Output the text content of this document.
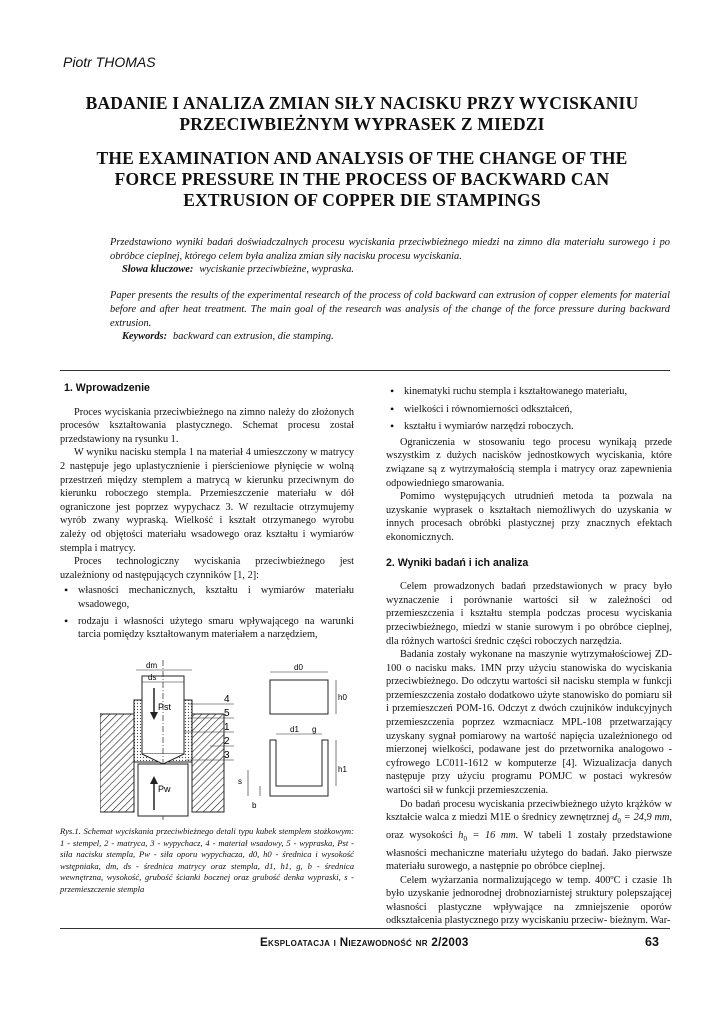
Piotr THOMAS
BADANIE I ANALIZA ZMIAN SIŁY NACISKU PRZY WYCISKANIU
PRZECIWBIEŻNYM WYPRASEK Z MIEDZI
THE EXAMINATION AND ANALYSIS OF THE CHANGE OF THE
FORCE PRESSURE IN THE PROCESS OF BACKWARD CAN
EXTRUSION OF COPPER DIE STAMPINGS
Przedstawiono wyniki badań doświadczalnych procesu wyciskania przeciwbieżnego miedzi na zimno dla materiału surowego i po obróbce cieplnej, którego celem była analiza zmian siły nacisku procesu wyciskania.
Słowa kluczowe: wyciskanie przeciwbieżne, wypraska.
Paper presents the results of the experimental research of the process of cold backward can extrusion of copper elements for material before and after heat treatment. The main goal of the research was analysis of the change of the force pressure during backward extrusion.
Keywords: backward can extrusion, die stamping.
1. Wprowadzenie

Proces wyciskania przeciwbieżnego na zimno należy do złożonych procesów kształtowania plastycznego. Schemat procesu został przedstawiony na rysunku 1.

W wyniku nacisku stempla 1 na materiał 4 umieszczony w matrycy 2 następuje jego uplastycznienie i pierścieniowe płynięcie w wolną przestrzeń między stemplem a matrycą w kierunku przeciwnym do kierunku roboczego stempla. Przemieszczenie materiału w dół ograniczone jest poprzez wypychacz 3. W rezultacie otrzymujemy wyrób zwany wypraską. Wielkość i kształt otrzymanego wyrobu zależy od objętości materiału wsadowego oraz kształtu i wymiarów stempla i matrycy.

Proces technologiczny wyciskania przeciwbieżnego jest uzależniony od następujących czynników [1, 2]:

• własności mechanicznych, kształtu i wymiarów materiału wsadowego,

• rodzaju i własności użytego smaru wpływającego na warunki tarcia pomiędzy kształtowanym materiałem a narzędziem,

Pst
Pw
dm
ds
4
5
1
2
3
d0
h0
d1 g
h1
b
s
Rys.1. Schemat wyciskania przeciwbieżnego detali typu kubek stemplem stożkowym: 1 - stempel, 2 - matryca, 3 - wypychacz, 4 - materiał wsadowy, 5 - wypraska, Pst - siła nacisku stempla, Pw - siła oporu wypychacza, d0, h0 - średnica i wysokość wstępniaka, dm, ds - średnica matrycy oraz stempla, d1, h1, g, b - średnica wewnętrzna, wysokość, grubość ścianki bocznej oraz grubość denka wypraski, s - przemieszczenie stempla

• kinematyki ruchu stempla i kształtowanego materiału,

• wielkości i równomierności odkształceń,

• kształtu i wymiarów narzędzi roboczych.

Ograniczenia w stosowaniu tego procesu wynikają przede wszystkim z dużych nacisków jednostkowych wyciskania, które związane są z wytrzymałością stempla i matrycy oraz zapewnienia odpowiedniego smarowania.

Pomimo występujących utrudnień metoda ta pozwala na uzyskanie wyprasek o kształtach niemożliwych do uzyskania w innych procesach obróbki plastycznej przy znacznych efektach ekonomicznych.

2. Wyniki badań i ich analiza

Celem prowadzonych badań przedstawionych w pracy było wyznaczenie i porównanie wartości sił w zależności od przemieszczenia i kształtu stempla podczas procesu wyciskania przeciwbieżnego, miedzi w stanie surowym i po obróbce cieplnej, dla różnych wartości średnic części roboczych narzędzia.

Badania zostały wykonane na maszynie wytrzymałościowej ZD-100 o nacisku maks. 1MN przy użyciu stanowiska do wyciskania przeciwbieżnego. Do odczytu wartości sił nacisku stempla w funkcji przemieszczenia zostało dodatkowo użyte stanowisko do pomiaru sił i przemieszczeń POM-16. Odczyt z dwóch czujników indukcyjnych przemieszczenia poprzez wzmacniacz MPL-108 przetwarzający uzyskany sygnał pomiarowy na wartość napięcia uzależnionego od mierzonej wielkości, podawane jest do przetwornika analogowo - cyfrowego LC011-1612 w komputerze [4]. Wizualizacja danych następuje przy użyciu programu POMJC w postaci wykresów wartości sił w funkcji przemieszczenia.

Do badań procesu wyciskania przeciwbieżnego użyto krążków w kształcie walca z miedzi M1E o średnicy zewnętrznej $d_0 = 24,9$ mm, oraz wysokości $h_0 = 16$ mm. W tabeli 1 zostały przedstawione własności mechaniczne materiału użytego do badań. Jako pierwsze materiału surowego, a następnie po obróbce cieplnej.

Celem wyżarzania normalizującego w temp. 400ºC i czasie 1h było uzyskanie jednorodnej drobnoziarnistej struktury polepszającej własności plastyczne wpływające na zmniejszenie oporów odkształcenia plastycznego przy wyciskaniu przeciw- bieżnym. War-

Eksploatacja i Niezawodność nr 2/2003	63
